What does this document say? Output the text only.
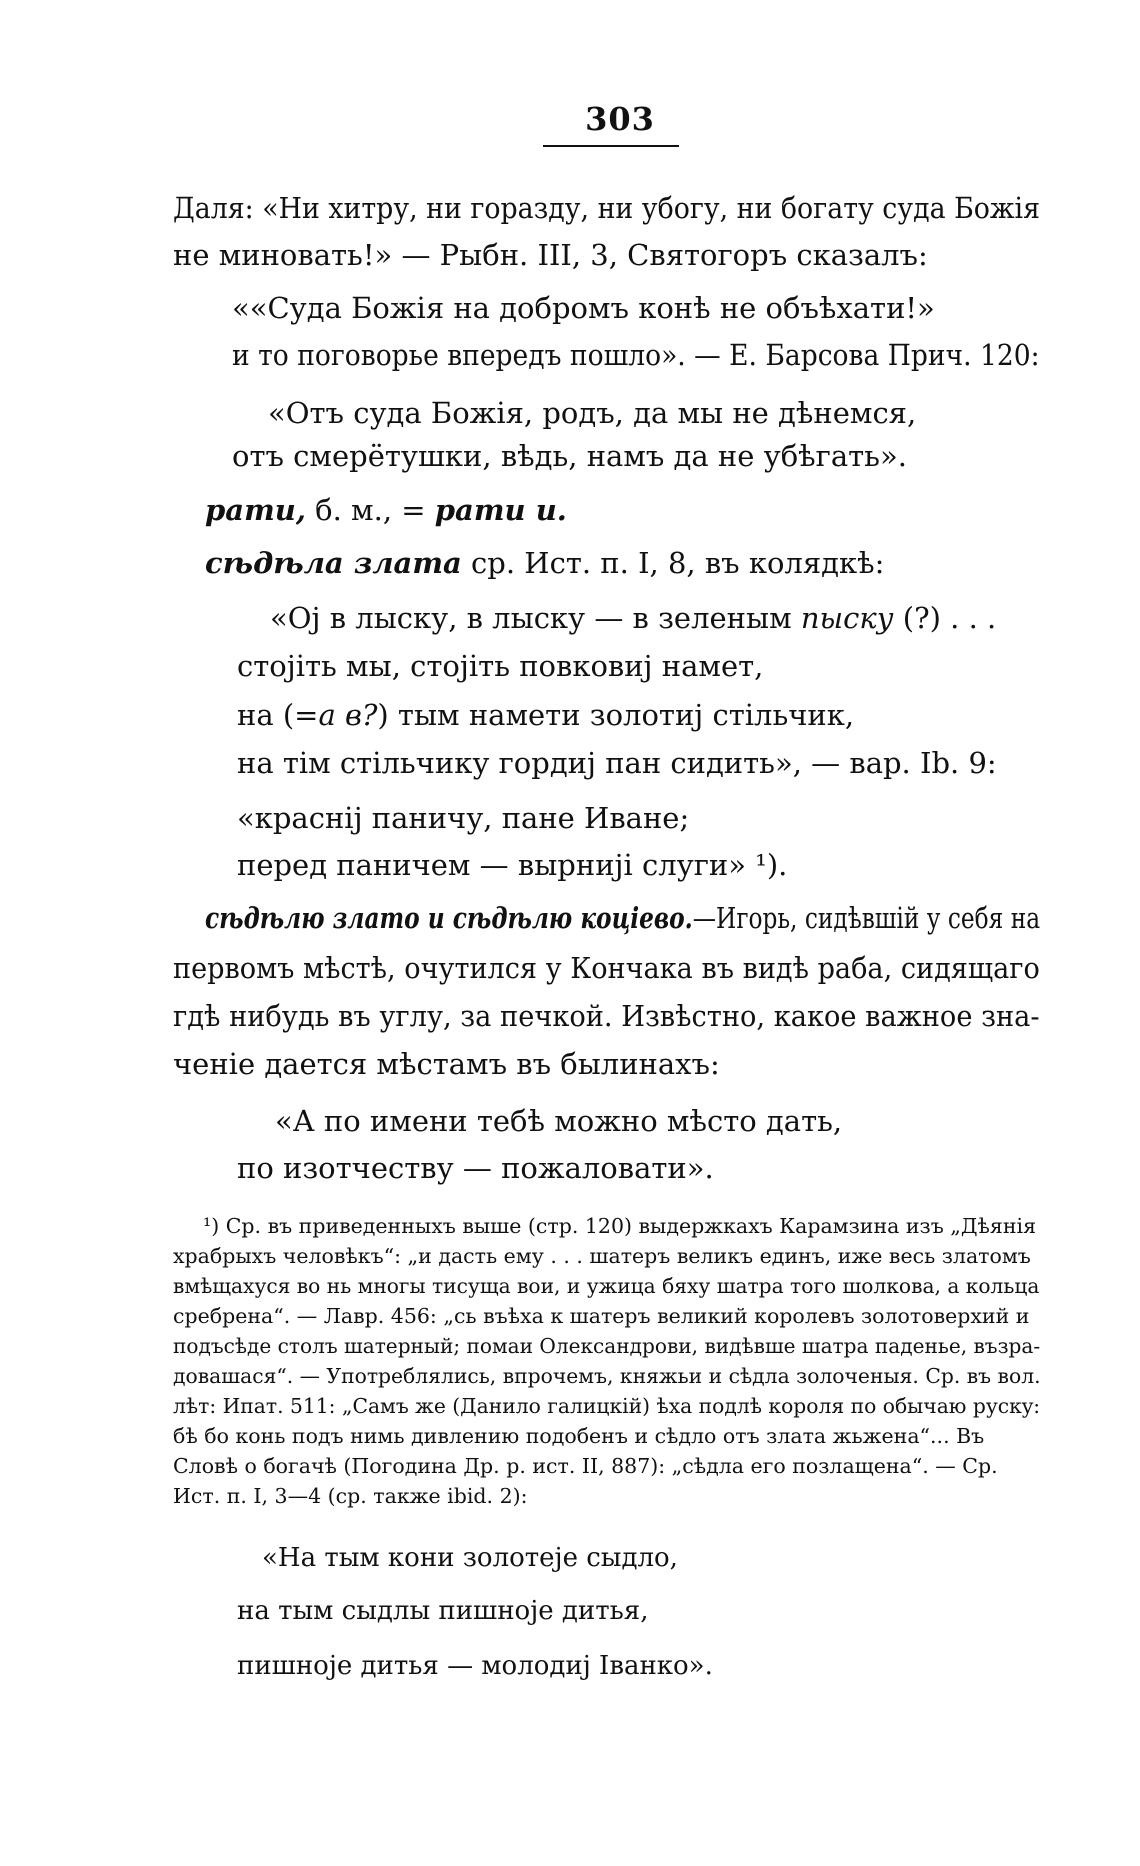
303
Даля: «Ни хитру, ни горазду, ни убогу, ни богату суда Божія
не миновать!» — Рыбн. III, 3, Святогоръ сказалъ:
««Суда Божія на добромъ конѣ не объѣхати!»
и то поговорье впередъ пошло». — Е. Барсова Прич. 120:
«Отъ суда Божія, родъ, да мы не дѣнемся,
отъ смерётушки, вѣдь, намъ да не убѣгать».
рати, б. м., = рати и.
сѣдѣла злата ср. Ист. п. I, 8, въ колядкѣ:
«Ој в лыску, в лыску — в зеленым пыску (?) . . .
стоjiть мы, стоjiть повковиј намет,
на (=а в?) тым намети золотиј стільчик,
на тім стільчику гордиј пан сидить», — вар. Ib. 9:
«краснiј паничу, пане Иване;
перед паничем — вырниjі слуги» ¹).
сѣдѣлю злато и сѣдѣлю коціево.—Игорь, сидѣвшій у себя на
первомъ мѣстѣ, очутился у Кончака въ видѣ раба, сидящаго
гдѣ нибудь въ углу, за печкой. Извѣстно, какое важное зна-
ченіе дается мѣстамъ въ былинахъ:
«А по имени тебѣ можно мѣсто дать,
по изотчеству — пожаловати».
¹) Ср. въ приведенныхъ выше (стр. 120) выдержкахъ Карамзина изъ „Дѣянія
храбрыхъ человѣкъ“: „и дасть ему . . . шатеръ великъ единъ, иже весь златомъ
вмѣщахуся во нь многы тисуща вои, и ужица бяху шатра того шолкова, а кольца
сребрена“. — Лавр. 456: „сь въѣха к шатеръ великий королевъ золотоверхий и
подъсѣде столъ шатерный; помаи Олександрови, видѣвше шатра паденье, възра-
довашася“. — Употреблялись, впрочемъ, княжьи и сѣдла золоченыя. Ср. въ вол.
лѣт: Ипат. 511: „Самъ же (Данило галицкій) ѣха подлѣ короля по обычаю рускy:
бѣ бо конь подъ нимь дивлению подобенъ и сѣдло отъ злата жьжена“... Въ
Словѣ о богачѣ (Погодина Др. р. ист. II, 887): „сѣдла его позлащена“. — Ср.
Ист. п. I, 3—4 (ср. также ibid. 2):
«На тым кони золотеjе сыдло,
на тым сыдлы пишноjе дитья,
пишноjе дитья — молодиј Іванко».
